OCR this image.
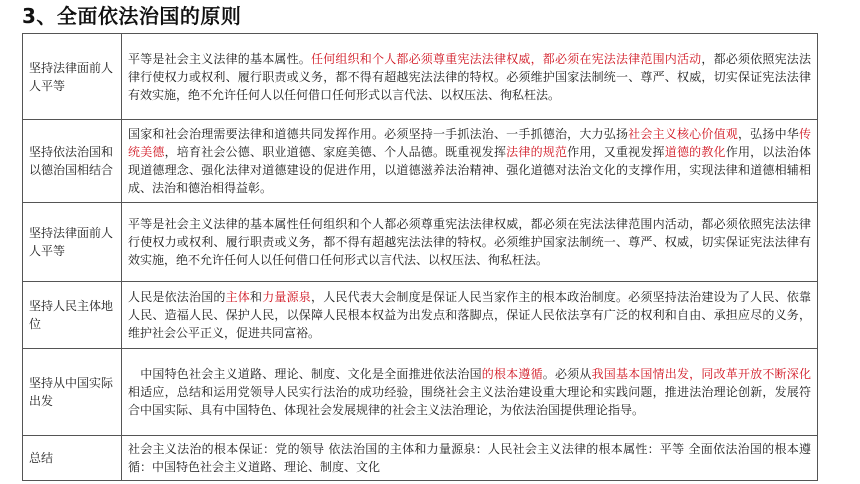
3、全面依法治国的原则
坚持法律面前人人平等	平等是社会主义法律的基本属性。任何组织和个人都必须尊重宪法法律权威，都必须在宪法法律范围内活动，都必须依照宪法法律行使权力或权利、履行职责或义务，都不得有超越宪法法律的特权。必须维护国家法制统一、尊严、权威，切实保证宪法法律有效实施，绝不允许任何人以任何借口任何形式以言代法、以权压法、徇私枉法。
坚持依法治国和以德治国相结合	国家和社会治理需要法律和道德共同发挥作用。必须坚持一手抓法治、一手抓德治，大力弘扬社会主义核心价值观，弘扬中华传统美德，培育社会公德、职业道德、家庭美德、个人品德。既重视发挥法律的规范作用，又重视发挥道德的教化作用，以法治体现道德理念、强化法律对道德建设的促进作用，以道德滋养法治精神、强化道德对法治文化的支撑作用，实现法律和道德相辅相成、法治和德治相得益彰。
坚持法律面前人人平等	平等是社会主义法律的基本属性任何组织和个人都必须尊重宪法法律权威，都必须在宪法法律范围内活动，都必须依照宪法法律行使权力或权利、履行职责或义务，都不得有超越宪法法律的特权。必须维护国家法制统一、尊严、权威，切实保证宪法法律有效实施，绝不允许任何人以任何借口任何形式以言代法、以权压法、徇私枉法。
坚持人民主体地位	人民是依法治国的主体和力量源泉，人民代表大会制度是保证人民当家作主的根本政治制度。必须坚持法治建设为了人民、依靠人民、造福人民、保护人民，以保障人民根本权益为出发点和落脚点，保证人民依法享有广泛的权利和自由、承担应尽的义务，维护社会公平正义，促进共同富裕。
坚持从中国实际出发	中国特色社会主义道路、理论、制度、文化是全面推进依法治国的根本遵循。必须从我国基本国情出发，同改革开放不断深化相适应，总结和运用党领导人民实行法治的成功经验，围绕社会主义法治建设重大理论和实践问题，推进法治理论创新，发展符合中国实际、具有中国特色、体现社会发展规律的社会主义法治理论，为依法治国提供理论指导。
总结	社会主义法治的根本保证：党的领导 依法治国的主体和力量源泉：人民社会主义法律的根本属性：平等 全面依法治国的根本遵循：中国特色社会主义道路、理论、制度、文化
